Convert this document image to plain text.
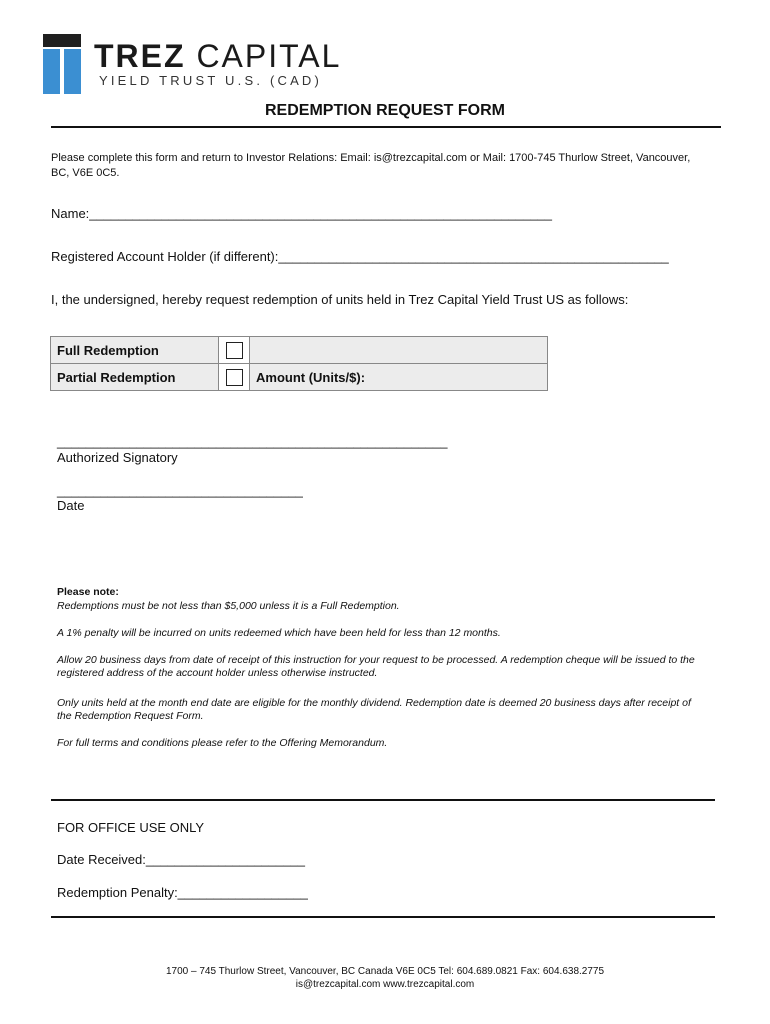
TREZ CAPITAL
YIELD TRUST U.S. (CAD)
REDEMPTION REQUEST FORM
Please complete this form and return to Investor Relations: Email: is@trezcapital.com or Mail: 1700-745 Thurlow Street, Vancouver, BC, V6E 0C5.
Name:________________________________________________________________
Registered Account Holder (if different):______________________________________________________
I, the undersigned, hereby request redemption of units held in Trez Capital Yield Trust US as follows:
Full Redemption		
Partial Redemption		Amount (Units/$):
______________________________________________________
Authorized Signatory
__________________________________
Date
Please note:
Redemptions must be not less than $5,000 unless it is a Full Redemption.
A 1% penalty will be incurred on units redeemed which have been held for less than 12 months.
Allow 20 business days from date of receipt of this instruction for your request to be processed. A redemption cheque will be issued to the registered address of the account holder unless otherwise instructed.
Only units held at the month end date are eligible for the monthly dividend. Redemption date is deemed 20 business days after receipt of the Redemption Request Form.
For full terms and conditions please refer to the Offering Memorandum.
FOR OFFICE USE ONLY
Date Received:______________________
Redemption Penalty:__________________
1700 – 745 Thurlow Street, Vancouver, BC Canada V6E 0C5 Tel: 604.689.0821 Fax: 604.638.2775
is@trezcapital.com www.trezcapital.com
